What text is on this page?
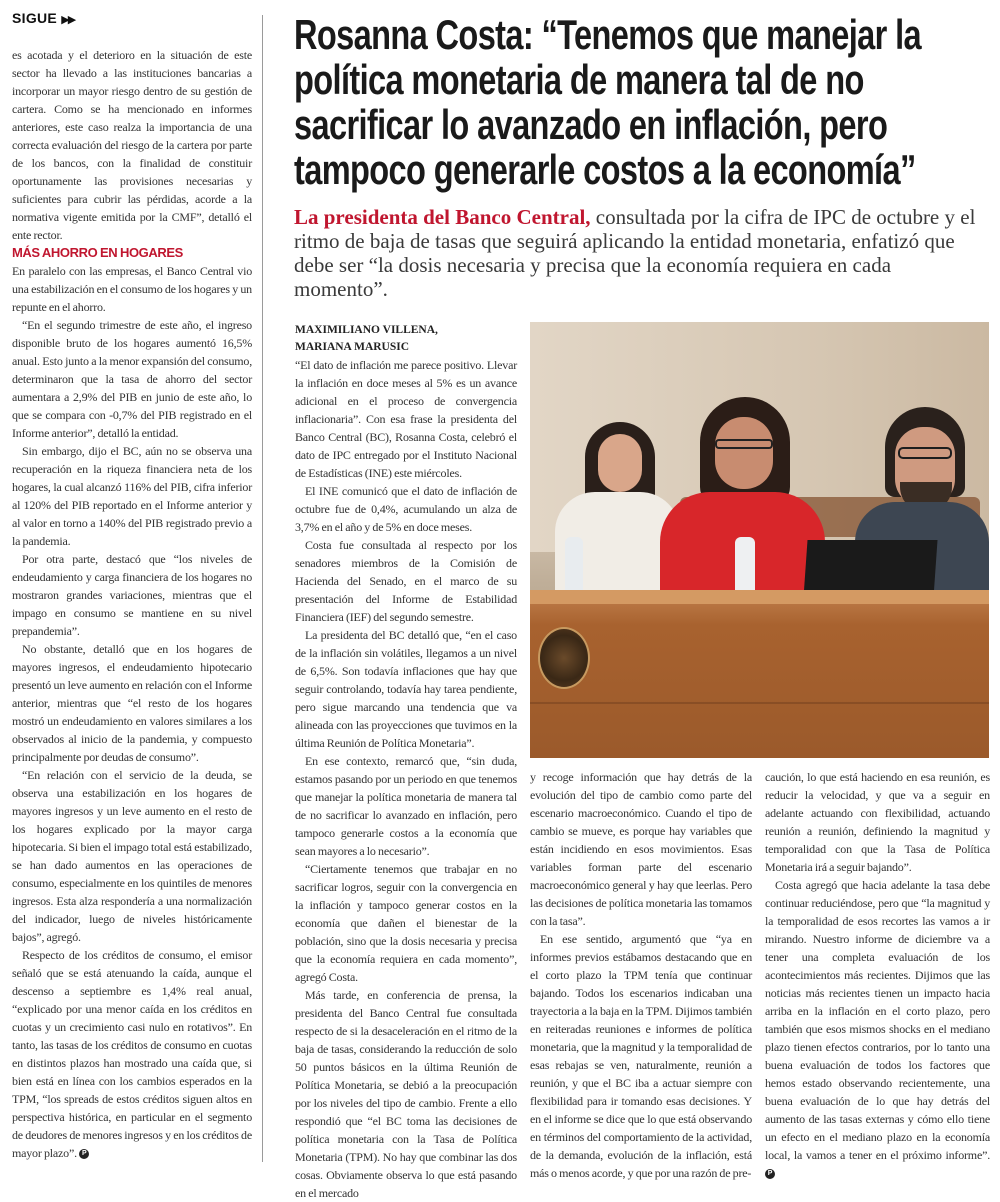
SIGUE ▶▶

es acotada y el deterioro en la situación de este sector ha llevado a las instituciones bancarias a incorporar un mayor riesgo dentro de su gestión de cartera. Como se ha mencionado en informes anteriores, este caso realza la importancia de una correcta evaluación del riesgo de la cartera por parte de los bancos, con la finalidad de constituir oportunamente las provisiones necesarias y suficientes para cubrir las pérdidas, acorde a la normativa vigente emitida por la CMF”, detalló el ente rector.

MÁS AHORRO EN HOGARES

En paralelo con las empresas, el Banco Central vio una estabilización en el consumo de los hogares y un repunte en el ahorro.

“En el segundo trimestre de este año, el ingreso disponible bruto de los hogares aumentó 16,5% anual. Esto junto a la menor expansión del consumo, determinaron que la tasa de ahorro del sector aumentara a 2,9% del PIB en junio de este año, lo que se compara con -0,7% del PIB registrado en el Informe anterior”, detalló la entidad.

Sin embargo, dijo el BC, aún no se observa una recuperación en la riqueza financiera neta de los hogares, la cual alcanzó 116% del PIB, cifra inferior al 120% del PIB reportado en el Informe anterior y al valor en torno a 140% del PIB registrado previo a la pandemia.

Por otra parte, destacó que “los niveles de endeudamiento y carga financiera de los hogares no mostraron grandes variaciones, mientras que el impago en consumo se mantiene en su nivel prepandemia”.

No obstante, detalló que en los hogares de mayores ingresos, el endeudamiento hipotecario presentó un leve aumento en relación con el Informe anterior, mientras que “el resto de los hogares mostró un endeudamiento en valores similares a los observados al inicio de la pandemia, y compuesto principalmente por deudas de consumo”.

“En relación con el servicio de la deuda, se observa una estabilización en los hogares de mayores ingresos y un leve aumento en el resto de los hogares explicado por la mayor carga hipotecaria. Si bien el impago total está estabilizado, se han dado aumentos en las operaciones de consumo, especialmente en los quintiles de menores ingresos. Esta alza respondería a una normalización del indicador, luego de niveles históricamente bajos”, agregó.

Respecto de los créditos de consumo, el emisor señaló que se está atenuando la caída, aunque el descenso a septiembre es 1,4% real anual, “explicado por una menor caída en los créditos en cuotas y un crecimiento casi nulo en rotativos”. En tanto, las tasas de los créditos de consumo en cuotas en distintos plazos han mostrado una caída que, si bien está en línea con los cambios esperados en la TPM, “los spreads de estos créditos siguen altos en perspectiva histórica, en particular en el segmento de deudores de menores ingresos y en los créditos de mayor plazo”. P

Rosanna Costa: “Tenemos que manejar la
política monetaria de manera tal de no
sacrificar lo avanzado en inflación, pero
tampoco generarle costos a la economía”
La presidenta del Banco Central, consultada por la cifra de IPC de octubre y el ritmo de baja de tasas que seguirá aplicando la entidad monetaria, enfatizó que debe ser “la dosis necesaria y precisa que la economía requiera en cada momento”.
MAXIMILIANO VILLENA,
MARIANA MARUSIC

“El dato de inflación me parece positivo. Llevar la inflación en doce meses al 5% es un avance adicional en el proceso de convergencia inflacionaria”. Con esa frase la presidenta del Banco Central (BC), Rosanna Costa, celebró el dato de IPC entregado por el Instituto Nacional de Estadísticas (INE) este miércoles.

El INE comunicó que el dato de inflación de octubre fue de 0,4%, acumulando un alza de 3,7% en el año y de 5% en doce meses.

Costa fue consultada al respecto por los senadores miembros de la Comisión de Hacienda del Senado, en el marco de su presentación del Informe de Estabilidad Financiera (IEF) del segundo semestre.

La presidenta del BC detalló que, “en el caso de la inflación sin volátiles, llegamos a un nivel de 6,5%. Son todavía inflaciones que hay que seguir controlando, todavía hay tarea pendiente, pero sigue marcando una tendencia que va alineada con las proyecciones que tuvimos en la última Reunión de Política Monetaria”.

En ese contexto, remarcó que, “sin duda, estamos pasando por un periodo en que tenemos que manejar la política monetaria de manera tal de no sacrificar lo avanzado en inflación, pero tampoco generarle costos a la economía que sean mayores a lo necesario”.

“Ciertamente tenemos que trabajar en no sacrificar logros, seguir con la convergencia en la inflación y tampoco generar costos en la economía que dañen el bienestar de la población, sino que la dosis necesaria y precisa que la economía requiera en cada momento”, agregó Costa.

Más tarde, en conferencia de prensa, la presidenta del Banco Central fue consultada respecto de si la desaceleración en el ritmo de la baja de tasas, considerando la reducción de solo 50 puntos básicos en la última Reunión de Política Monetaria, se debió a la preocupación por los niveles del tipo de cambio. Frente a ello respondió que “el BC toma las decisiones de política monetaria con la Tasa de Política Monetaria (TPM). No hay que combinar las dos cosas. Obviamente observa lo que está pasando en el mercado

y recoge información que hay detrás de la evolución del tipo de cambio como parte del escenario macroeconómico. Cuando el tipo de cambio se mueve, es porque hay variables que están incidiendo en esos movimientos. Esas variables forman parte del escenario macroeconómico general y hay que leerlas. Pero las decisiones de política monetaria las tomamos con la tasa”.

En ese sentido, argumentó que “ya en informes previos estábamos destacando que en el corto plazo la TPM tenía que continuar bajando. Todos los escenarios indicaban una trayectoria a la baja en la TPM. Dijimos también en reiteradas reuniones e informes de política monetaria, que la magnitud y la temporalidad de esas rebajas se ven, naturalmente, reunión a reunión, y que el BC iba a actuar siempre con flexibilidad para ir tomando esas decisiones. Y en el informe se dice que lo que está observando en términos del comportamiento de la actividad, de la demanda, evolución de la inflación, está más o menos acorde, y que por una razón de pre-

caución, lo que está haciendo en esa reunión, es reducir la velocidad, y que va a seguir en adelante actuando con flexibilidad, actuando reunión a reunión, definiendo la magnitud y temporalidad con que la Tasa de Política Monetaria irá a seguir bajando”.

Costa agregó que hacia adelante la tasa debe continuar reduciéndose, pero que “la magnitud y la temporalidad de esos recortes las vamos a ir mirando. Nuestro informe de diciembre va a tener una completa evaluación de los acontecimientos más recientes. Dijimos que las noticias más recientes tienen un impacto hacia arriba en la inflación en el corto plazo, pero también que esos mismos shocks en el mediano plazo tienen efectos contrarios, por lo tanto una buena evaluación de todos los factores que hemos estado observando recientemente, una buena evaluación de lo que hay detrás del aumento de las tasas externas y cómo ello tiene un efecto en el mediano plazo en la economía local, la vamos a tener en el próximo informe”. P
